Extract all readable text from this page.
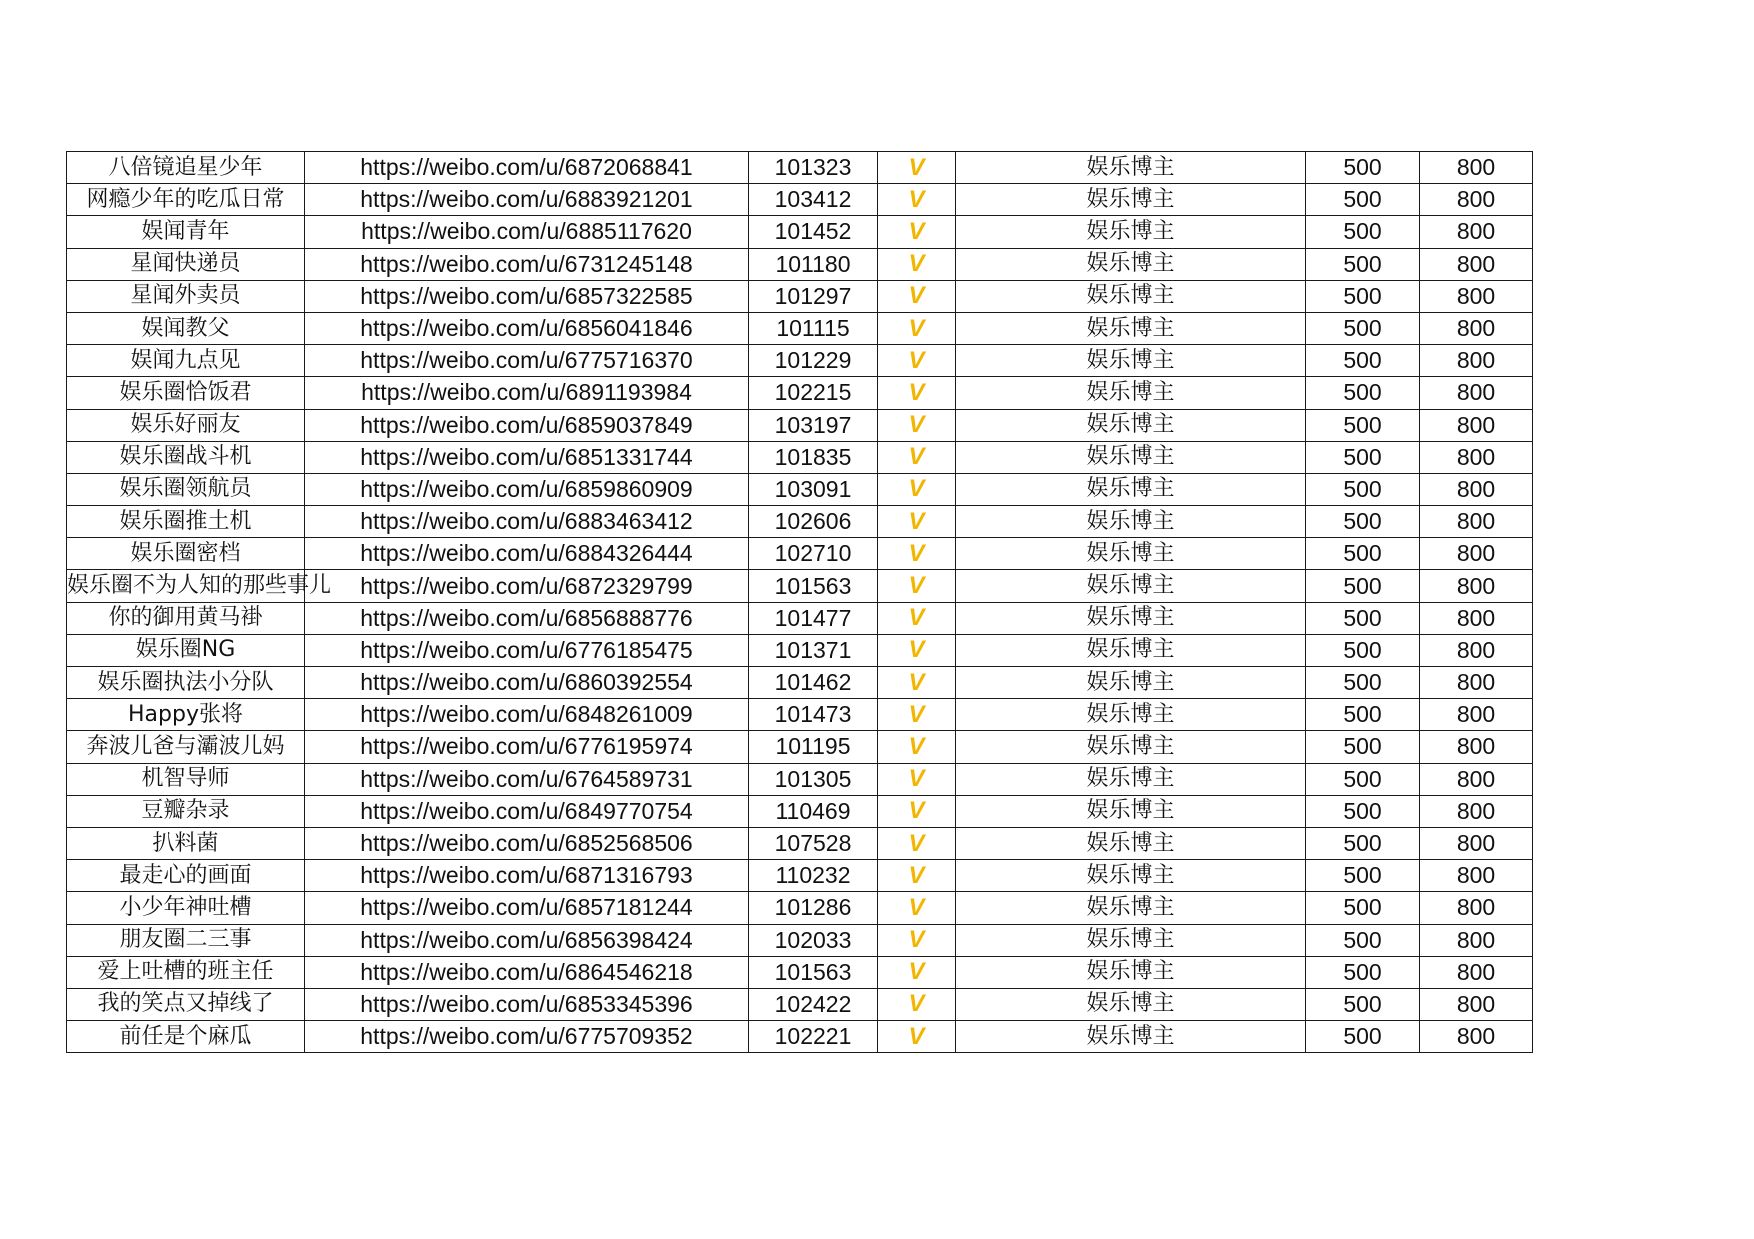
八倍镜追星少年	https://weibo.com/u/6872068841	101323	V	娱乐博主	500	800
网瘾少年的吃瓜日常	https://weibo.com/u/6883921201	103412	V	娱乐博主	500	800
娱闻青年	https://weibo.com/u/6885117620	101452	V	娱乐博主	500	800
星闻快递员	https://weibo.com/u/6731245148	101180	V	娱乐博主	500	800
星闻外卖员	https://weibo.com/u/6857322585	101297	V	娱乐博主	500	800
娱闻教父	https://weibo.com/u/6856041846	101115	V	娱乐博主	500	800
娱闻九点见	https://weibo.com/u/6775716370	101229	V	娱乐博主	500	800
娱乐圈恰饭君	https://weibo.com/u/6891193984	102215	V	娱乐博主	500	800
娱乐好丽友	https://weibo.com/u/6859037849	103197	V	娱乐博主	500	800
娱乐圈战斗机	https://weibo.com/u/6851331744	101835	V	娱乐博主	500	800
娱乐圈领航员	https://weibo.com/u/6859860909	103091	V	娱乐博主	500	800
娱乐圈推土机	https://weibo.com/u/6883463412	102606	V	娱乐博主	500	800
娱乐圈密档	https://weibo.com/u/6884326444	102710	V	娱乐博主	500	800
娱乐圈不为人知的那些事儿	https://weibo.com/u/6872329799	101563	V	娱乐博主	500	800
你的御用黄马褂	https://weibo.com/u/6856888776	101477	V	娱乐博主	500	800
娱乐圈NG	https://weibo.com/u/6776185475	101371	V	娱乐博主	500	800
娱乐圈执法小分队	https://weibo.com/u/6860392554	101462	V	娱乐博主	500	800
Happy张将	https://weibo.com/u/6848261009	101473	V	娱乐博主	500	800
奔波儿爸与灞波儿妈	https://weibo.com/u/6776195974	101195	V	娱乐博主	500	800
机智导师	https://weibo.com/u/6764589731	101305	V	娱乐博主	500	800
豆瓣杂录	https://weibo.com/u/6849770754	110469	V	娱乐博主	500	800
扒料菌	https://weibo.com/u/6852568506	107528	V	娱乐博主	500	800
最走心的画面	https://weibo.com/u/6871316793	110232	V	娱乐博主	500	800
小少年神吐槽	https://weibo.com/u/6857181244	101286	V	娱乐博主	500	800
朋友圈二三事	https://weibo.com/u/6856398424	102033	V	娱乐博主	500	800
爱上吐槽的班主任	https://weibo.com/u/6864546218	101563	V	娱乐博主	500	800
我的笑点又掉线了	https://weibo.com/u/6853345396	102422	V	娱乐博主	500	800
前任是个麻瓜	https://weibo.com/u/6775709352	102221	V	娱乐博主	500	800
